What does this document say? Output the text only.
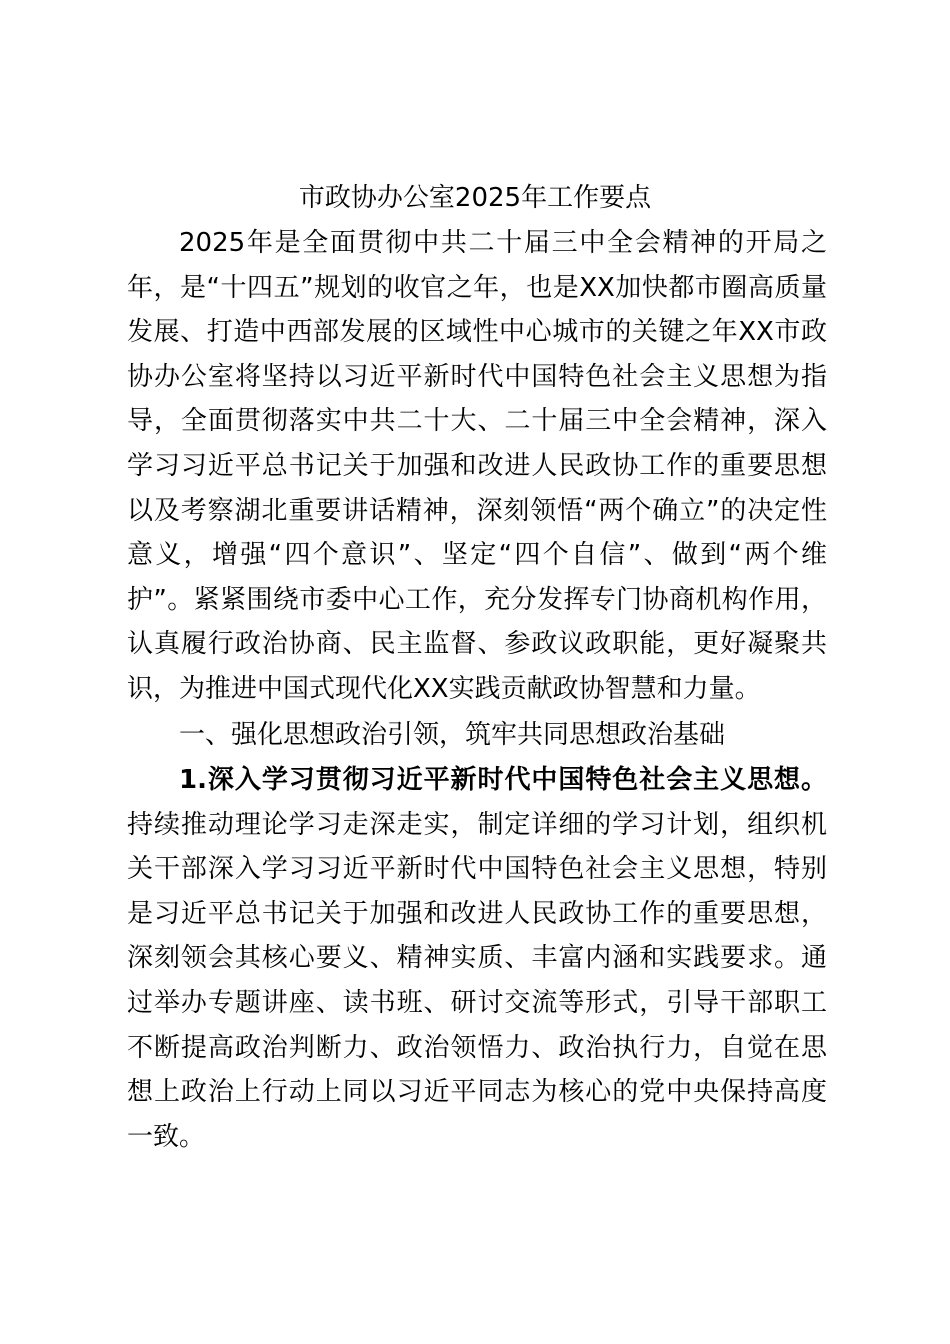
市政协办公室2025年工作要点
2025年是全面贯彻中共二十届三中全会精神的开局之年，是“十四五”规划的收官之年，也是XX加快都市圈高质量发展、打造中西部发展的区域性中心城市的关键之年XX市政协办公室将坚持以习近平新时代中国特色社会主义思想为指导，全面贯彻落实中共二十大、二十届三中全会精神，深入学习习近平总书记关于加强和改进人民政协工作的重要思想以及考察湖北重要讲话精神，深刻领悟“两个确立”的决定性意义，增强“四个意识”、坚定“四个自信”、做到“两个维护”。紧紧围绕市委中心工作，充分发挥专门协商机构作用，认真履行政治协商、民主监督、参政议政职能，更好凝聚共识，为推进中国式现代化XX实践贡献政协智慧和力量。
一、强化思想政治引领，筑牢共同思想政治基础
1.深入学习贯彻习近平新时代中国特色社会主义思想。持续推动理论学习走深走实，制定详细的学习计划，组织机关干部深入学习习近平新时代中国特色社会主义思想，特别是习近平总书记关于加强和改进人民政协工作的重要思想，深刻领会其核心要义、精神实质、丰富内涵和实践要求。通过举办专题讲座、读书班、研讨交流等形式，引导干部职工不断提高政治判断力、政治领悟力、政治执行力，自觉在思想上政治上行动上同以习近平同志为核心的党中央保持高度一致。
